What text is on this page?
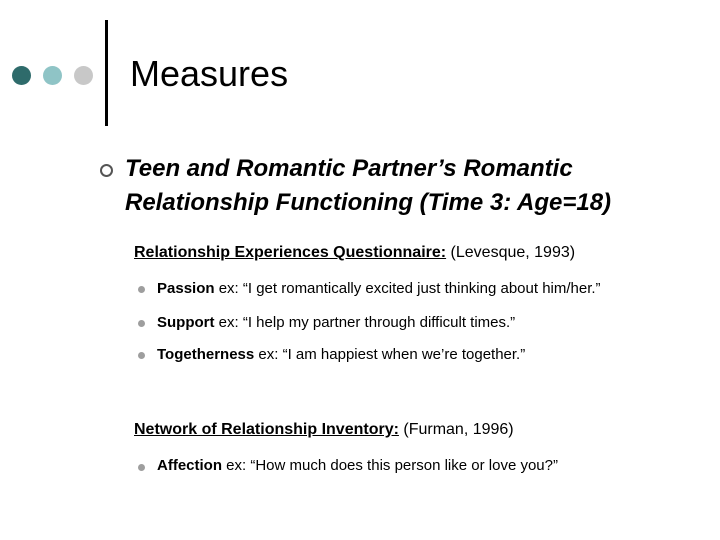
Measures
Teen and Romantic Partner’s Romantic Relationship Functioning (Time 3: Age=18)
Relationship Experiences Questionnaire: (Levesque, 1993)
Passion ex: “I get romantically excited just thinking about him/her.”
Support ex: “I help my partner through difficult times.”
Togetherness ex: “I am happiest when we’re together.”
Network of Relationship Inventory: (Furman, 1996)
Affection ex: “How much does this person like or love you?”
